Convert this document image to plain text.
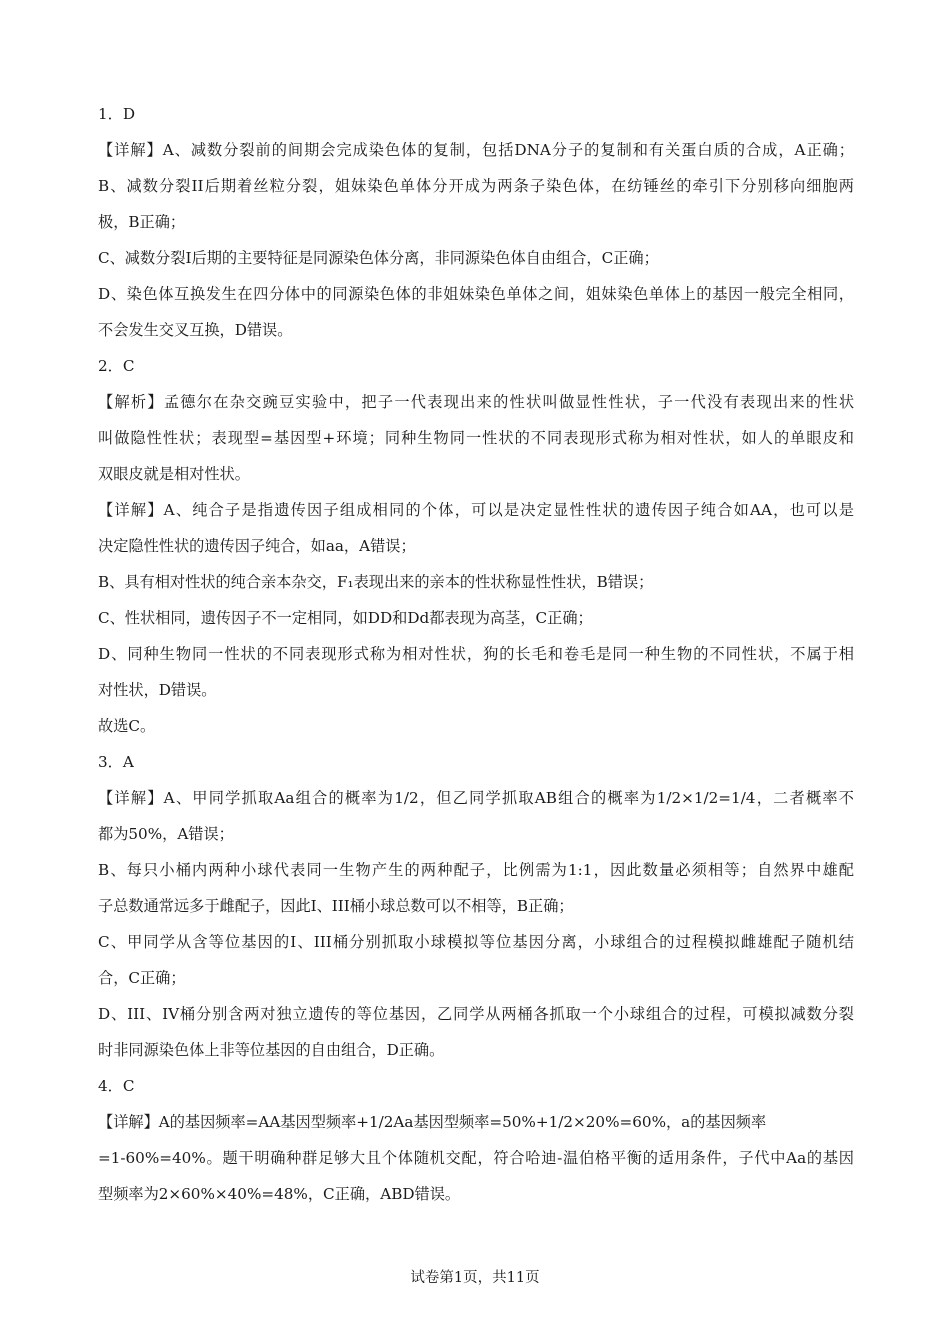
1．D
【详解】A、减数分裂前的间期会完成染色体的复制，包括DNA分子的复制和有关蛋白质的合成，A正确；
B、减数分裂II后期着丝粒分裂，姐妹染色单体分开成为两条子染色体，在纺锤丝的牵引下分别移向细胞两
极，B正确；
C、减数分裂I后期的主要特征是同源染色体分离，非同源染色体自由组合，C正确；
D、染色体互换发生在四分体中的同源染色体的非姐妹染色单体之间，姐妹染色单体上的基因一般完全相同，
不会发生交叉互换，D错误。
2．C
【解析】孟德尔在杂交豌豆实验中，把子一代表现出来的性状叫做显性性状，子一代没有表现出来的性状
叫做隐性性状；表现型=基因型+环境；同种生物同一性状的不同表现形式称为相对性状，如人的单眼皮和
双眼皮就是相对性状。
【详解】A、纯合子是指遗传因子组成相同的个体，可以是决定显性性状的遗传因子纯合如AA，也可以是
决定隐性性状的遗传因子纯合，如aa，A错误；
B、具有相对性状的纯合亲本杂交，F₁表现出来的亲本的性状称显性性状，B错误；
C、性状相同，遗传因子不一定相同，如DD和Dd都表现为高茎，C正确；
D、同种生物同一性状的不同表现形式称为相对性状，狗的长毛和卷毛是同一种生物的不同性状，不属于相
对性状，D错误。
故选C。
3．A
【详解】A、甲同学抓取Aa组合的概率为1/2，但乙同学抓取AB组合的概率为1/2×1/2=1/4，二者概率不
都为50%，A错误；
B、每只小桶内两种小球代表同一生物产生的两种配子，比例需为1:1，因此数量必须相等；自然界中雄配
子总数通常远多于雌配子，因此I、III桶小球总数可以不相等，B正确；
C、甲同学从含等位基因的I、III桶分别抓取小球模拟等位基因分离，小球组合的过程模拟雌雄配子随机结
合，C正确；
D、III、IV桶分别含两对独立遗传的等位基因，乙同学从两桶各抓取一个小球组合的过程，可模拟减数分裂
时非同源染色体上非等位基因的自由组合，D正确。
4．C
【详解】A的基因频率=AA基因型频率+1/2Aa基因型频率=50%+1/2×20%=60%，a的基因频率
=1-60%=40%。题干明确种群足够大且个体随机交配，符合哈迪-温伯格平衡的适用条件，子代中Aa的基因
型频率为2×60%×40%=48%，C正确，ABD错误。
试卷第1页，共11页
